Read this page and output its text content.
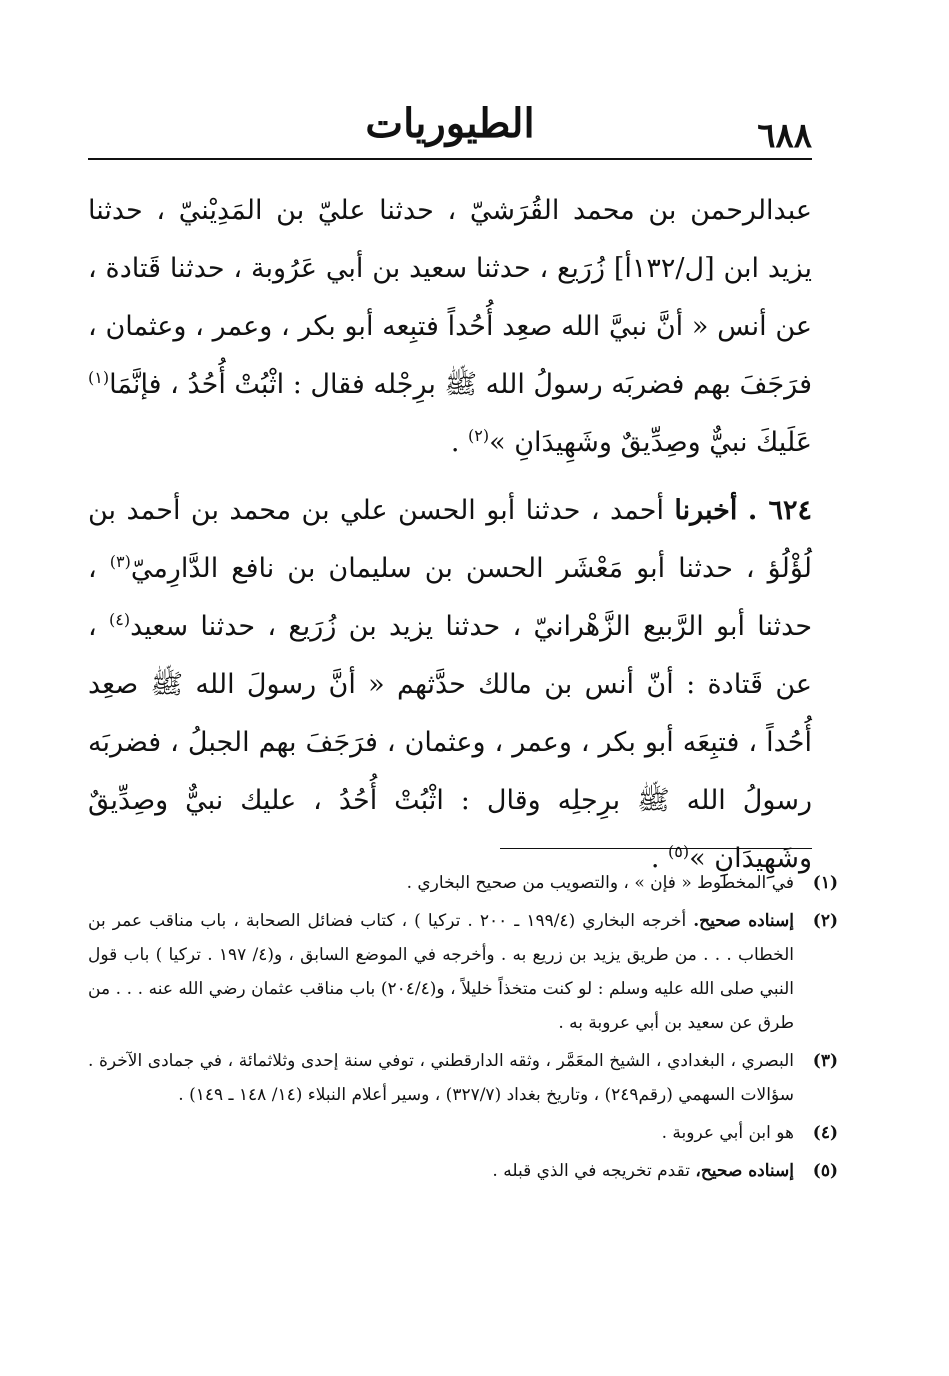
٦٨٨
الطيوريات

عبدالرحمن بن محمد القُرَشيّ ، حدثنا عليّ بن المَدِيْنيّ ، حدثنا يزيد ابن [ل/١٣٢أ] زُرَيع ، حدثنا سعيد بن أبي عَرُوبة ، حدثنا قَتادة ، عن أنس « أنَّ نبيَّ الله صعِد أُحُداً فتبِعه أبو بكر ، وعمر ، وعثمان ، فرَجَفَ بهم فضربَه رسولُ الله ﷺ برِجْله فقال : اثْبُتْ أُحُدُ ، فإنَّمَا$^{(١)}$ عَلَيكَ نبيٌّ وصِدِّيقٌ وشَهِيدَانِ »$^{(٢)}$ .

٦٢٤ . أخبرنا أحمد ، حدثنا أبو الحسن علي بن محمد بن أحمد بن لُؤْلُؤ ، حدثنا أبو مَعْشَر الحسن بن سليمان بن نافع الدَّارِميّ$^{(٣)}$ ، حدثنا أبو الرَّبيع الزَّهْرانيّ ، حدثنا يزيد بن زُرَيع ، حدثنا سعيد$^{(٤)}$ ، عن قَتادة : أنّ أنس بن مالك حدَّثهم « أنَّ رسولَ الله ﷺ صعِد أُحُداً ، فتبِعَه أبو بكر ، وعمر ، وعثمان ، فرَجَفَ بهم الجبلُ ، فضربَه رسولُ الله ﷺ برِجلِه وقال : اثْبُتْ أُحُدُ ، عليك نبيٌّ وصِدِّيقٌ وشَهِيدَانِ »$^{(٥)}$ .

(١)
في المخطوط « فإن » ، والتصويب من صحيح البخاري .
(٢)
إسناده صحيح. أخرجه البخاري (١٩٩/٤ ـ ٢٠٠ . تركيا ) ، كتاب فضائل الصحابة ، باب مناقب عمر بن الخطاب . . . من طريق يزيد بن زريع به . وأخرجه في الموضع السابق ، و(٤/ ١٩٧ . تركيا ) باب قول النبي صلى الله عليه وسلم : لو كنت متخذاً خليلاً ، و(٢٠٤/٤) باب مناقب عثمان رضي الله عنه . . . من طرق عن سعيد بن أبي عروبة به .
(٣)
البصري ، البغدادي ، الشيخ المعَمَّر ، وثقه الدارقطني ، توفي سنة إحدى وثلاثمائة ، في جمادى الآخرة . سؤالات السهمي (رقم٢٤٩) ، وتاريخ بغداد (٣٢٧/٧) ، وسير أعلام النبلاء (١٤/ ١٤٨ ـ ١٤٩) .
(٤)
هو ابن أبي عروبة .
(٥)
إسناده صحيح، تقدم تخريجه في الذي قبله .
